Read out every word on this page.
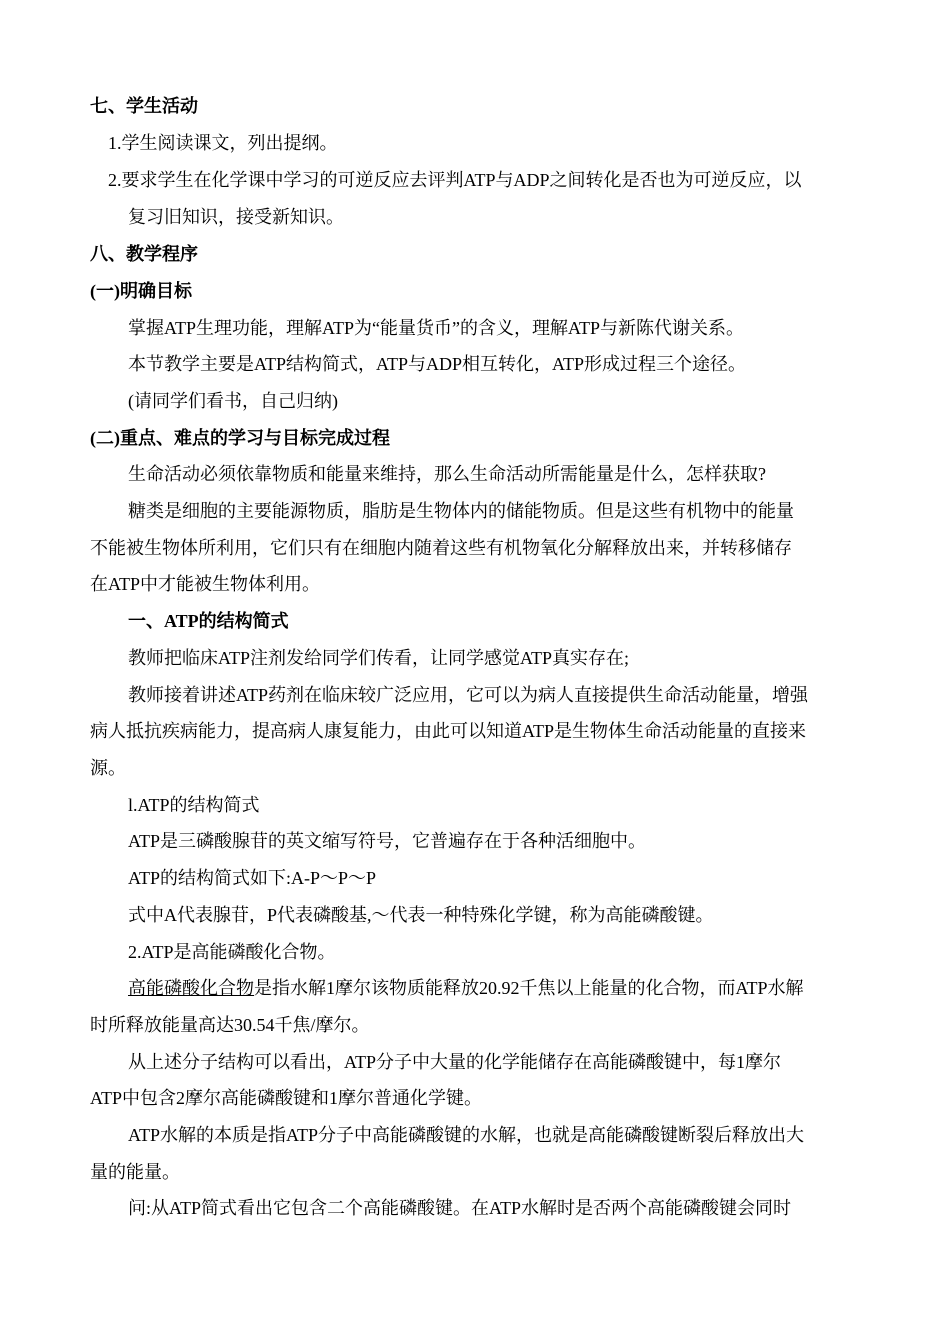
七、学生活动
1.学生阅读课文，列出提纲。
2.要求学生在化学课中学习的可逆反应去评判ATP与ADP之间转化是否也为可逆反应，以
复习旧知识，接受新知识。
八、教学程序
(一)明确目标
掌握ATP生理功能，理解ATP为“能量货币”的含义，理解ATP与新陈代谢关系。
本节教学主要是ATP结构简式，ATP与ADP相互转化，ATP形成过程三个途径。
(请同学们看书，自己归纳)
(二)重点、难点的学习与目标完成过程
生命活动必须依靠物质和能量来维持，那么生命活动所需能量是什么，怎样获取?
糖类是细胞的主要能源物质，脂肪是生物体内的储能物质。但是这些有机物中的能量
不能被生物体所利用，它们只有在细胞内随着这些有机物氧化分解释放出来，并转移储存
在ATP中才能被生物体利用。
一、ATP的结构简式
教师把临床ATP注剂发给同学们传看，让同学感觉ATP真实存在;
教师接着讲述ATP药剂在临床较广泛应用，它可以为病人直接提供生命活动能量，增强
病人抵抗疾病能力，提高病人康复能力，由此可以知道ATP是生物体生命活动能量的直接来
源。
l.ATP的结构简式
ATP是三磷酸腺苷的英文缩写符号，它普遍存在于各种活细胞中。
ATP的结构简式如下:A-P～P～P
式中A代表腺苷，P代表磷酸基,～代表一种特殊化学键，称为高能磷酸键。
2.ATP是高能磷酸化合物。
高能磷酸化合物是指水解1摩尔该物质能释放20.92千焦以上能量的化合物，而ATP水解
时所释放能量高达30.54千焦/摩尔。
从上述分子结构可以看出，ATP分子中大量的化学能储存在高能磷酸键中，每1摩尔
ATP中包含2摩尔高能磷酸键和1摩尔普通化学键。
ATP水解的本质是指ATP分子中高能磷酸键的水解，也就是高能磷酸键断裂后释放出大
量的能量。
问:从ATP简式看出它包含二个高能磷酸键。在ATP水解时是否两个高能磷酸键会同时
